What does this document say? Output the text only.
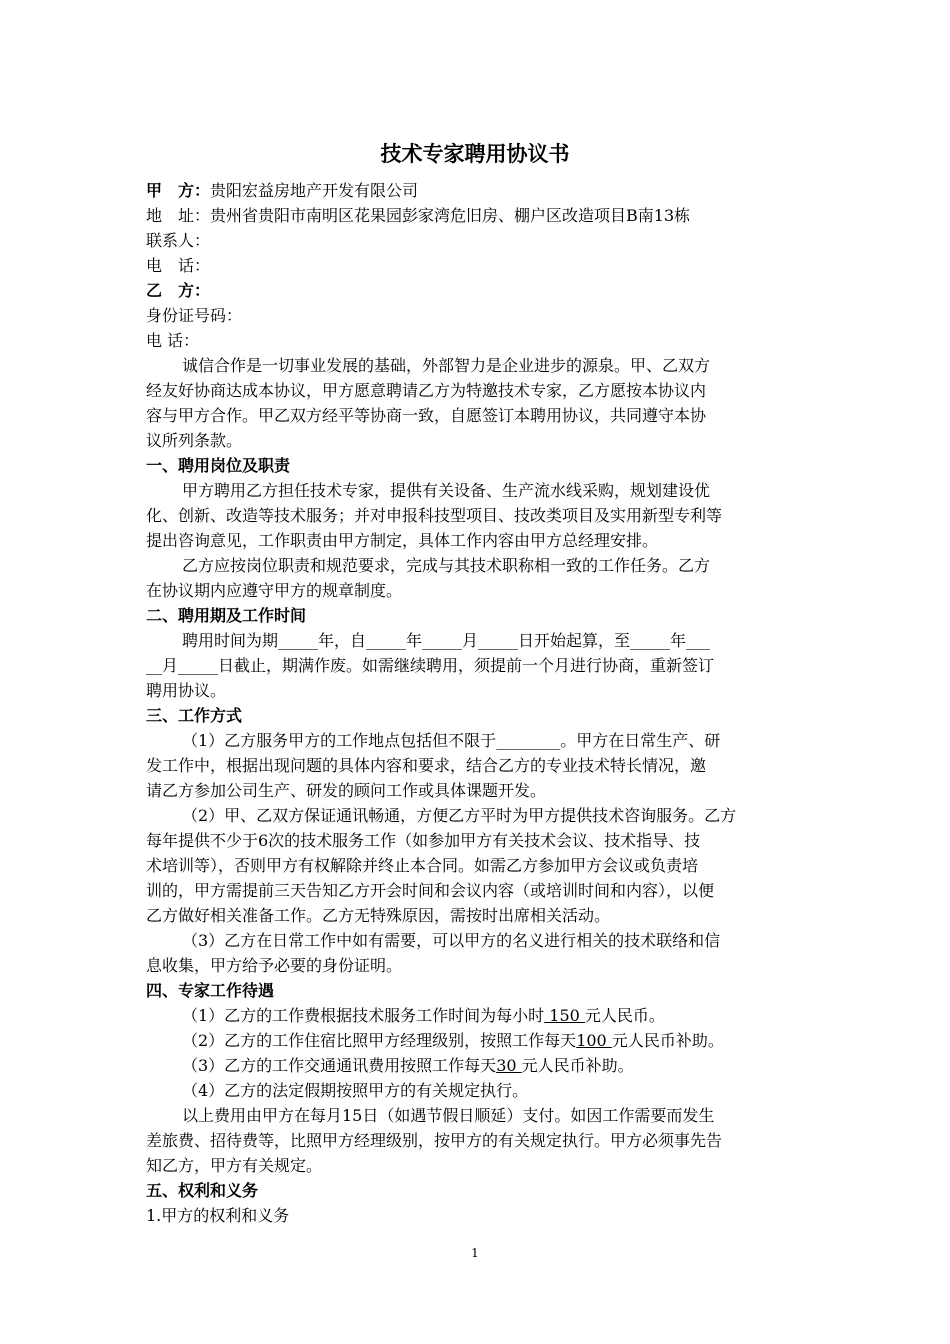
技术专家聘用协议书
甲　方：贵阳宏益房地产开发有限公司
地　址：贵州省贵阳市南明区花果园彭家湾危旧房、棚户区改造项目B南13栋
联系人：
电　话：
乙　方：
身份证号码：
电 话：
诚信合作是一切事业发展的基础，外部智力是企业进步的源泉。甲、乙双方
经友好协商达成本协议，甲方愿意聘请乙方为特邀技术专家，乙方愿按本协议内
容与甲方合作。甲乙双方经平等协商一致，自愿签订本聘用协议，共同遵守本协
议所列条款。
一、聘用岗位及职责
甲方聘用乙方担任技术专家，提供有关设备、生产流水线采购，规划建设优
化、创新、改造等技术服务；并对申报科技型项目、技改类项目及实用新型专利等
提出咨询意见，工作职责由甲方制定，具体工作内容由甲方总经理安排。
乙方应按岗位职责和规范要求，完成与其技术职称相一致的工作任务。乙方
在协议期内应遵守甲方的规章制度。
二、聘用期及工作时间
聘用时间为期_____年，自_____年_____月_____日开始起算，至_____年___
__月_____日截止，期满作废。如需继续聘用，须提前一个月进行协商，重新签订
聘用协议。
三、工作方式
（1）乙方服务甲方的工作地点包括但不限于________。甲方在日常生产、研
发工作中，根据出现问题的具体内容和要求，结合乙方的专业技术特长情况，邀
请乙方参加公司生产、研发的顾问工作或具体课题开发。
（2）甲、乙双方保证通讯畅通，方便乙方平时为甲方提供技术咨询服务。乙方
每年提供不少于6次的技术服务工作（如参加甲方有关技术会议、技术指导、技
术培训等），否则甲方有权解除并终止本合同。如需乙方参加甲方会议或负责培
训的，甲方需提前三天告知乙方开会时间和会议内容（或培训时间和内容），以便
乙方做好相关准备工作。乙方无特殊原因，需按时出席相关活动。
（3）乙方在日常工作中如有需要，可以甲方的名义进行相关的技术联络和信
息收集，甲方给予必要的身份证明。
四、专家工作待遇
（1）乙方的工作费根据技术服务工作时间为每小时 150 元人民币。
（2）乙方的工作住宿比照甲方经理级别，按照工作每天100 元人民币补助。
（3）乙方的工作交通通讯费用按照工作每天30 元人民币补助。
（4）乙方的法定假期按照甲方的有关规定执行。
以上费用由甲方在每月15日（如遇节假日顺延）支付。如因工作需要而发生
差旅费、招待费等，比照甲方经理级别，按甲方的有关规定执行。甲方必须事先告
知乙方，甲方有关规定。
五、权利和义务
1.甲方的权利和义务
1
